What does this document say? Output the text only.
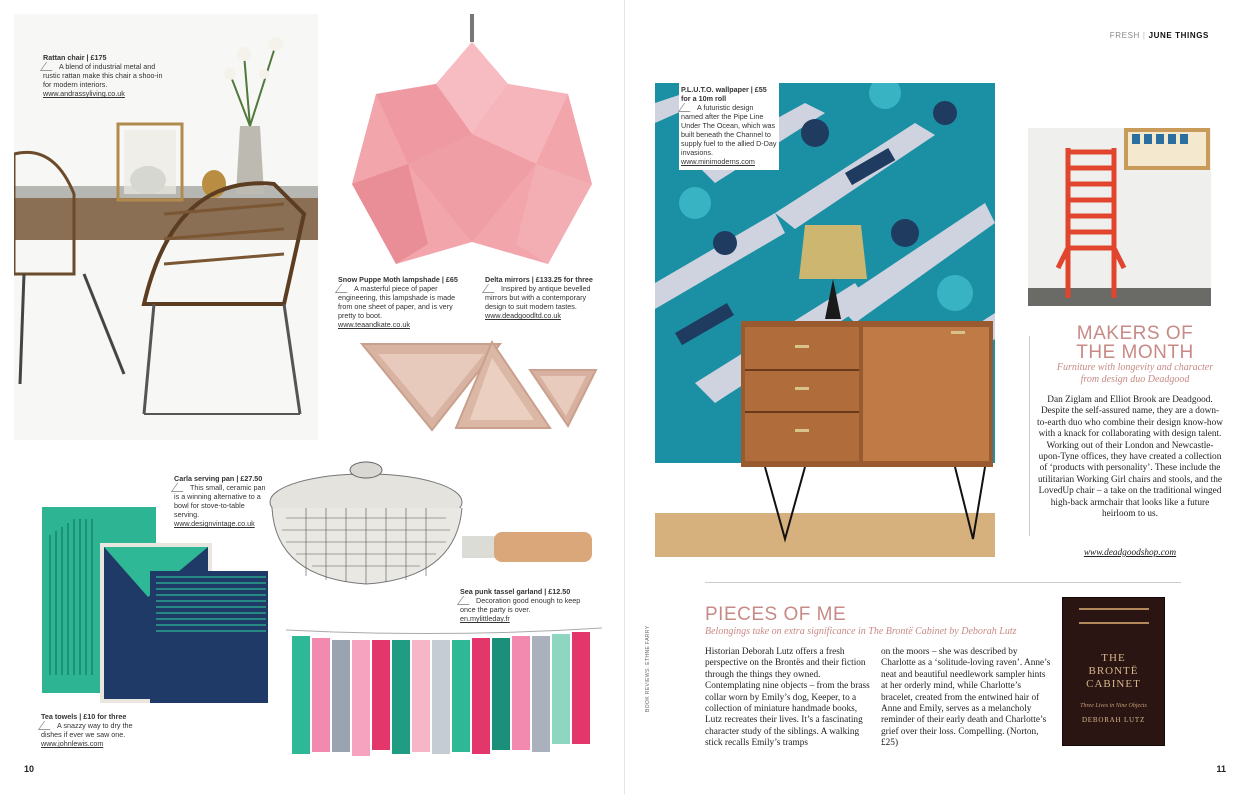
Rattan chair | £175
A blend of industrial metal and rustic rattan make this chair a shoo-in for modern interiors.
www.andrassyliving.co.uk
Snow Puppe Moth lampshade | £65
A masterful piece of paper engineering, this lampshade is made from one sheet of paper, and is very pretty to boot.
www.teaandkate.co.uk
Delta mirrors | £133.25 for three
Inspired by antique bevelled mirrors but with a contemporary design to suit modern tastes.
www.deadgoodltd.co.uk
Carla serving pan | £27.50
This small, ceramic pan is a winning alternative to a bowl for stove-to-table serving.
www.designvintage.co.uk
Sea punk tassel garland | £12.50
Decoration good enough to keep once the party is over.
en.mylittleday.fr
Tea towels | £10 for three
A snazzy way to dry the dishes if ever we saw one.
www.johnlewis.com
10
FRESH | JUNE THINGS
P.L.U.T.O. wallpaper | £55 for a 10m roll
A futuristic design named after the Pipe Line Under The Ocean, which was built beneath the Channel to supply fuel to the allied D-Day invasions.
www.minimoderns.com
MAKERS OF THE MONTH
Furniture with longevity and character from design duo Deadgood
Dan Ziglam and Elliot Brook are Deadgood. Despite the self-assured name, they are a down-to-earth duo who combine their design know-how with a knack for collaborating with design talent. Working out of their London and Newcastle-upon-Tyne offices, they have created a collection of ‘products with personality’. These include the utilitarian Working Girl chairs and stools, and the LovedUp chair – a take on the traditional winged high-back armchair that looks like a future heirloom to us.
www.deadgoodshop.com
PIECES OF ME
Belongings take on extra significance in The Brontë Cabinet by Deborah Lutz
BOOK REVIEWS: ETHNE FARRY	Historian Deborah Lutz offers a fresh perspective on the Brontës and their fiction through the things they owned. Contemplating nine objects – from the brass collar worn by Emily’s dog, Keeper, to a collection of miniature handmade books, Lutz recreates their lives. It’s a fascinating character study of the siblings. A walking stick recalls Emily’s tramps
on the moors – she was described by Charlotte as a ‘solitude-loving raven’. Anne’s neat and beautiful needlework sampler hints at her orderly mind, while Charlotte’s bracelet, created from the entwined hair of Anne and Emily, serves as a melancholy reminder of their early death and Charlotte’s grief over their loss. Compelling. (Norton, £25)
THE
BRONTË
CABINET
Three Lives in Nine Objects
DEBORAH LUTZ
11
